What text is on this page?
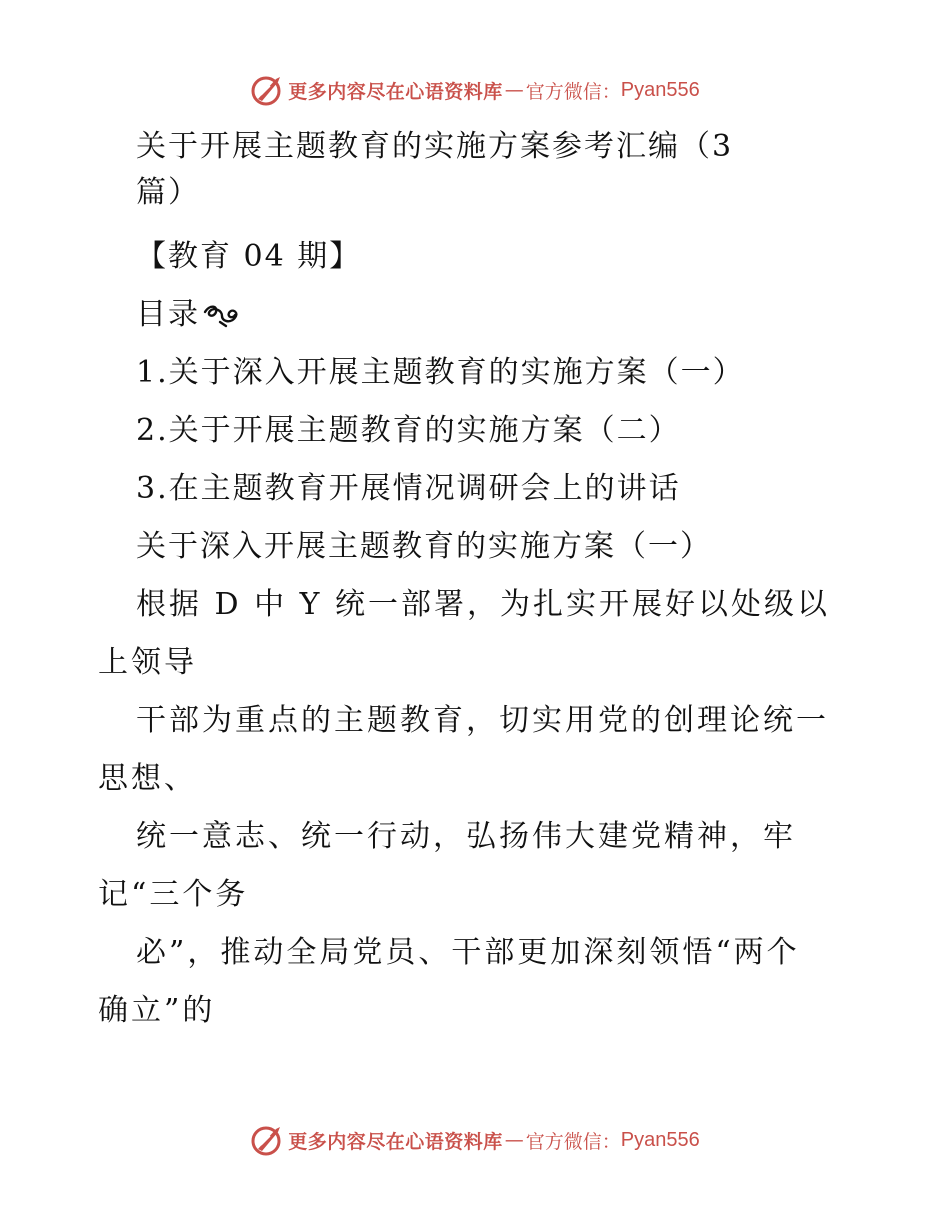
更多内容尽在心语资料库 — 官方微信： Pyan556
关于开展主题教育的实施方案参考汇编（3
篇）
【教育 04 期】
目录
1.关于深入开展主题教育的实施方案（一）
2.关于开展主题教育的实施方案（二）
3.在主题教育开展情况调研会上的讲话
关于深入开展主题教育的实施方案（一）
根据 D 中 Y 统一部署，为扎实开展好以处级以
上领导
干部为重点的主题教育，切实用党的创理论统一
思想、
统一意志、统一行动，弘扬伟大建党精神，牢
记“三个务
必”，推动全局党员、干部更加深刻领悟“两个
确立”的
更多内容尽在心语资料库 — 官方微信： Pyan556
